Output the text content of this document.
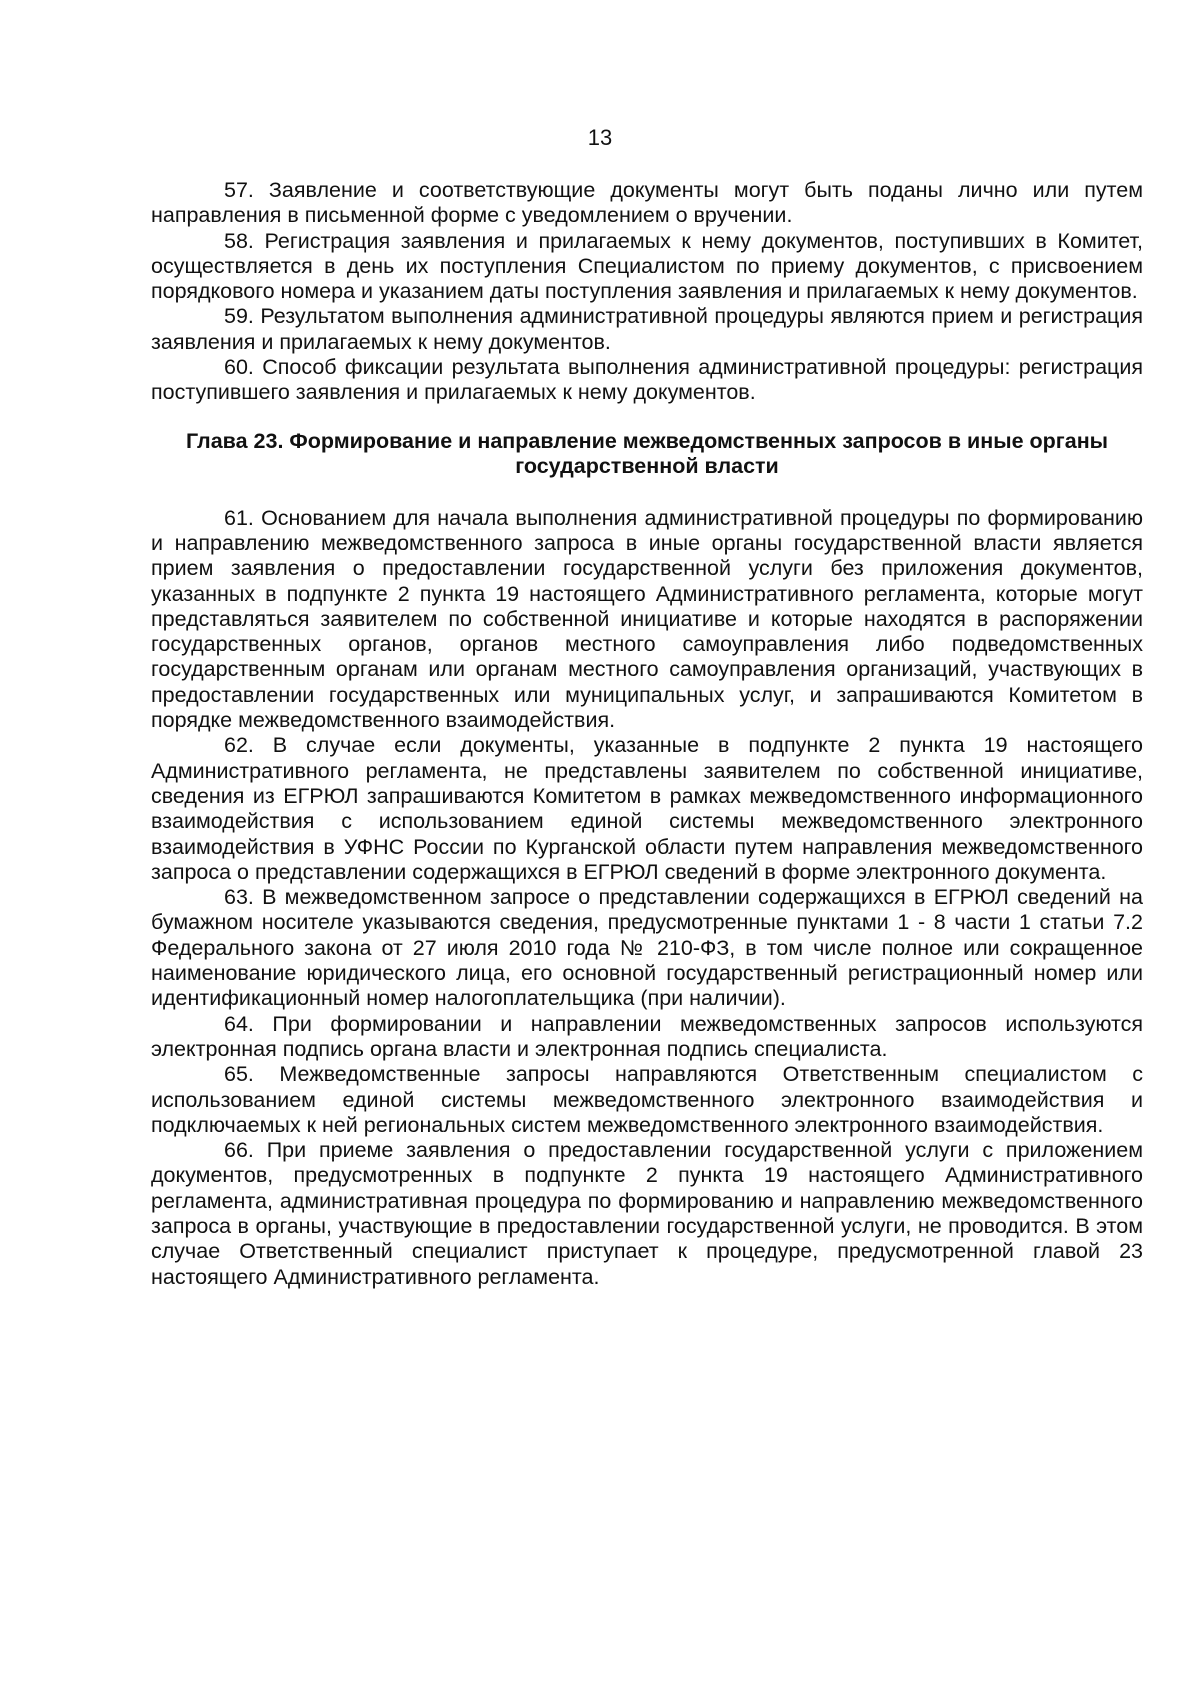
13

57. Заявление и соответствующие документы могут быть поданы лично или путем направления в письменной форме с уведомлением о вручении.

58. Регистрация заявления и прилагаемых к нему документов, поступивших в Комитет, осуществляется в день их поступления Специалистом по приему документов, с присвоением порядкового номера и указанием даты поступления заявления и прилагаемых к нему документов.

59. Результатом выполнения административной процедуры являются прием и регистрация заявления и прилагаемых к нему документов.

60. Способ фиксации результата выполнения административной процедуры: регистрация поступившего заявления и прилагаемых к нему документов.

Глава 23. Формирование и направление межведомственных запросов в иные органы государственной власти

61. Основанием для начала выполнения административной процедуры по формированию и направлению межведомственного запроса в иные органы государственной власти является прием заявления о предоставлении государственной услуги без приложения документов, указанных в подпункте 2 пункта 19 настоящего Административного регламента, которые могут представляться заявителем по собственной инициативе и которые находятся в распоряжении государственных органов, органов местного самоуправления либо подведомственных государственным органам или органам местного самоуправления организаций, участвующих в предоставлении государственных или муниципальных услуг, и запрашиваются Комитетом в порядке межведомственного взаимодействия.

62. В случае если документы, указанные в подпункте 2 пункта 19 настоящего Административного регламента, не представлены заявителем по собственной инициативе, сведения из ЕГРЮЛ запрашиваются Комитетом в рамках межведомственного информационного взаимодействия с использованием единой системы межведомственного электронного взаимодействия в УФНС России по Курганской области путем направления межведомственного запроса о представлении содержащихся в ЕГРЮЛ сведений в форме электронного документа.

63. В межведомственном запросе о представлении содержащихся в ЕГРЮЛ сведений на бумажном носителе указываются сведения, предусмотренные пунктами 1 - 8 части 1 статьи 7.2 Федерального закона от 27 июля 2010 года № 210-ФЗ, в том числе полное или сокращенное наименование юридического лица, его основной государственный регистрационный номер или идентификационный номер налогоплательщика (при наличии).

64. При формировании и направлении межведомственных запросов используются электронная подпись органа власти и электронная подпись специалиста.

65. Межведомственные запросы направляются Ответственным специалистом с использованием единой системы межведомственного электронного взаимодействия и подключаемых к ней региональных систем межведомственного электронного взаимодействия.

66. При приеме заявления о предоставлении государственной услуги с приложением документов, предусмотренных в подпункте 2 пункта 19 настоящего Административного регламента, административная процедура по формированию и направлению межведомственного запроса в органы, участвующие в предоставлении государственной услуги, не проводится. В этом случае Ответственный специалист приступает к процедуре, предусмотренной главой 23 настоящего Административного регламента.
